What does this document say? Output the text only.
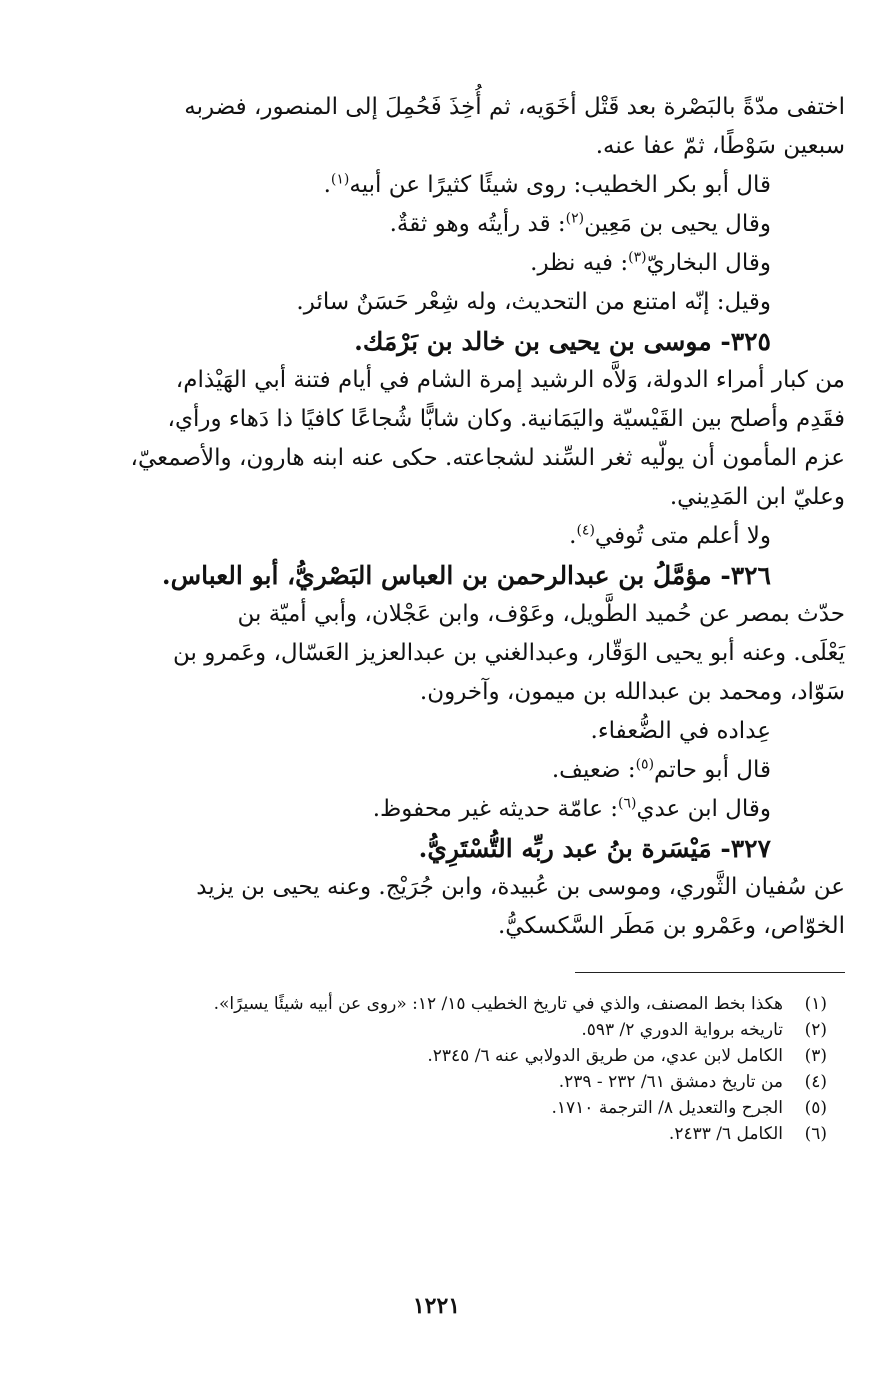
اختفى مدّةً بالبَصْرة بعد قَتْل أخَوَيه، ثم أُخِذَ فَحُمِلَ إلى المنصور، فضربه

سبعين سَوْطًا، ثمّ عفا عنه.

قال أبو بكر الخطيب: روى شيئًا كثيرًا عن أبيه$^{(١)}$.

وقال يحيى بن مَعِين$^{(٢)}$: قد رأيتُه وهو ثقةٌ.

وقال البخاريّ$^{(٣)}$: فيه نظر.

وقيل: إنّه امتنع من التحديث، وله شِعْر حَسَنٌ سائر.

٣٢٥- موسى بن يحيى بن خالد بن بَرْمَك.

من كبار أمراء الدولة، وَلاَّه الرشيد إمرة الشام في أيام فتنة أبي الهَيْذام،

فقَدِم وأصلح بين القَيْسيّة واليَمَانية. وكان شابًّا شُجاعًا كافيًا ذا دَهاء ورأي،

عزم المأمون أن يولّيه ثغر السِّند لشجاعته. حكى عنه ابنه هارون، والأصمعيّ،

وعليّ ابن المَدِيني.

ولا أعلم متى تُوفي$^{(٤)}$.

٣٢٦- مؤمَّلُ بن عبدالرحمن بن العباس البَصْريُّ، أبو العباس.

حدّث بمصر عن حُميد الطَّويل، وعَوْف، وابن عَجْلان، وأبي أميّة بن

يَعْلَى. وعنه أبو يحيى الوَقّار، وعبدالغني بن عبدالعزيز العَسّال، وعَمرو بن

سَوّاد، ومحمد بن عبدالله بن ميمون، وآخرون.

عِداده في الضُّعفاء.

قال أبو حاتم$^{(٥)}$: ضعيف.

وقال ابن عدي$^{(٦)}$: عامّة حديثه غير محفوظ.

٣٢٧- مَيْسَرة بنُ عبد ربِّه التُّسْتَرِيُّ.

عن سُفيان الثَّوري، وموسى بن عُبيدة، وابن جُرَيْج. وعنه يحيى بن يزيد

الخوّاص، وعَمْرو بن مَطَر السَّكسكيُّ.

(١)
هكذا بخط المصنف، والذي في تاريخ الخطيب ١٥/ ١٢: «روى عن أبيه شيئًا يسيرًا».
(٢)
تاريخه برواية الدوري ٢/ ٥٩٣.
(٣)
الكامل لابن عدي، من طريق الدولابي عنه ٦/ ٢٣٤٥.
(٤)
من تاريخ دمشق ٦١/ ٢٣٢ - ٢٣٩.
(٥)
الجرح والتعديل ٨/ الترجمة ١٧١٠.
(٦)
الكامل ٦/ ٢٤٣٣.
١٢٢١
